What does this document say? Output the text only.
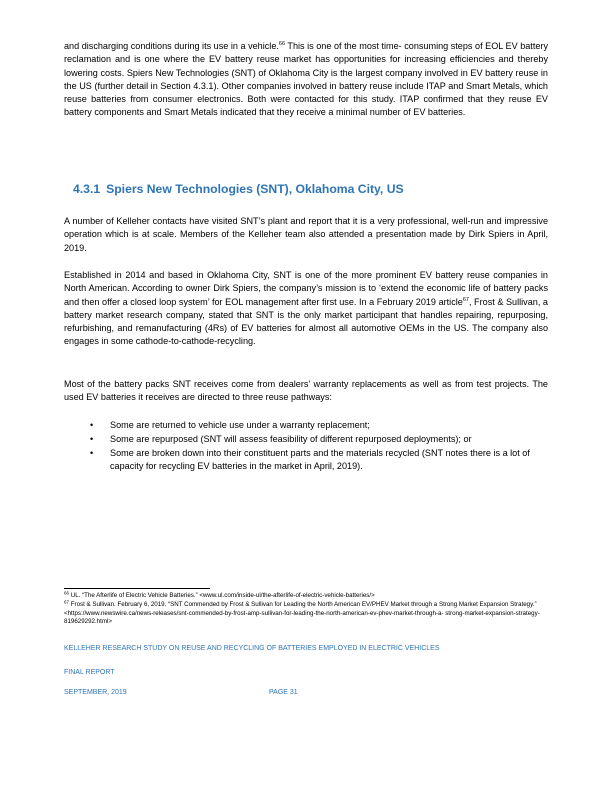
and discharging conditions during its use in a vehicle.$^{66}$ This is one of the most time- consuming steps of EOL EV battery reclamation and is one where the EV battery reuse market has opportunities for increasing efficiencies and thereby lowering costs. Spiers New Technologies (SNT) of Oklahoma City is the largest company involved in EV battery reuse in the US (further detail in Section 4.3.1). Other companies involved in battery reuse include ITAP and Smart Metals, which reuse batteries from consumer electronics. Both were contacted for this study. ITAP confirmed that they reuse EV battery components and Smart Metals indicated that they receive a minimal number of EV batteries.

4.3.1 Spiers New Technologies (SNT), Oklahoma City, US

A number of Kelleher contacts have visited SNT’s plant and report that it is a very professional, well-run and impressive operation which is at scale. Members of the Kelleher team also attended a presentation made by Dirk Spiers in April, 2019.

Established in 2014 and based in Oklahoma City, SNT is one of the more prominent EV battery reuse companies in North American. According to owner Dirk Spiers, the company’s mission is to ‘extend the economic life of battery packs and then offer a closed loop system’ for EOL management after first use. In a February 2019 article$^{67}$, Frost & Sullivan, a battery market research company, stated that SNT is the only market participant that handles repairing, repurposing, refurbishing, and remanufacturing (4Rs) of EV batteries for almost all automotive OEMs in the US. The company also engages in some cathode-to-cathode-recycling.

Most of the battery packs SNT receives come from dealers’ warranty replacements as well as from test projects. The used EV batteries it receives are directed to three reuse pathways:

• Some are returned to vehicle use under a warranty replacement;
• Some are repurposed (SNT will assess feasibility of different repurposed deployments); or
• Some are broken down into their constituent parts and the materials recycled (SNT notes there is a lot of capacity for recycling EV batteries in the market in April, 2019).

$^{66}$ UL. “The Afterlife of Electric Vehicle Batteries.” <www.ul.com/inside-ul/the-afterlife-of-electric-vehicle-batteries/>

$^{67}$ Frost & Sullivan. February 6, 2019. “SNT Commended by Frost & Sullivan for Leading the North American EV/PHEV Market through a Strong Market Expansion Strategy.” <https://www.newswire.ca/news-releases/snt-commended-by-frost-amp-sullivan-for-leading-the-north-american-ev-phev-market-through-a- strong-market-expansion-strategy-819629292.html>

KELLEHER RESEARCH STUDY ON REUSE AND RECYCLING OF BATTERIES EMPLOYED IN ELECTRIC VEHICLES

FINAL REPORT

SEPTEMBER, 2019	PAGE 31
